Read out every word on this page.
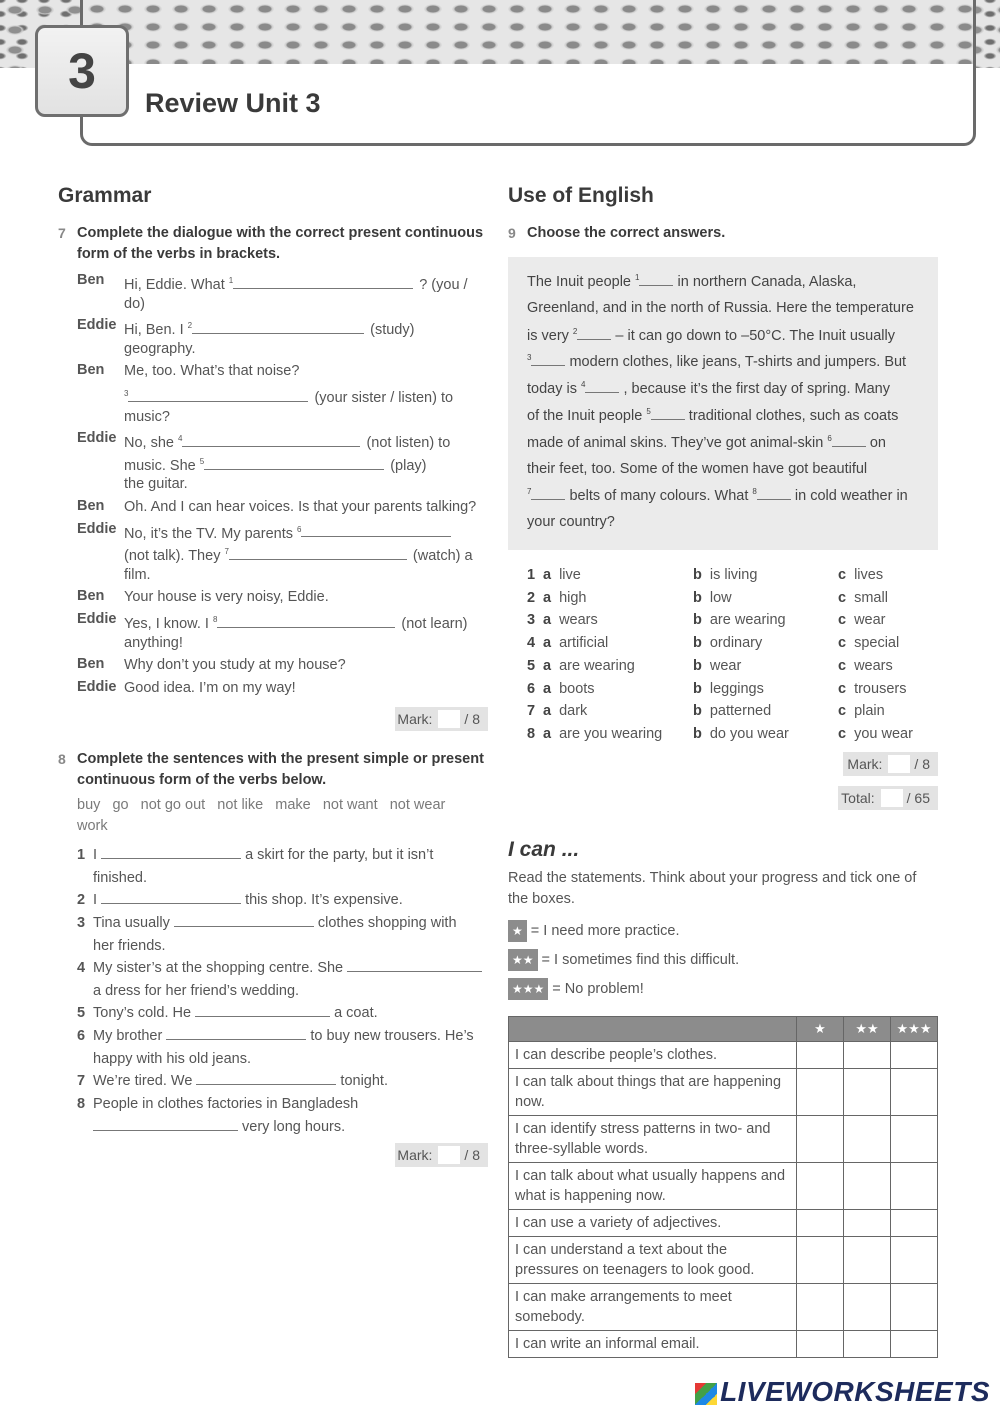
3
Review Unit 3
Grammar
7 Complete the dialogue with the correct present continuous
form of the verbs in brackets.
Ben Hi, Eddie. What $^1$	? (you /
do)
Eddie Hi, Ben. I $^2$	(study)
geography.
Ben Me, too. What’s that noise?
$^3$	(your sister / listen) to
music?
Eddie No, she $^4$	(not listen) to
music. She $^5$	(play)
the guitar.
Ben Oh. And I can hear voices. Is that your parents talking?
Eddie No, it’s the TV. My parents $^6$
(not talk). They $^7$	(watch) a
film.
Ben Your house is very noisy, Eddie.
Eddie Yes, I know. I $^8$	(not learn)
anything!
Ben Why don’t you study at my house?
Eddie Good idea. I’m on my way!
Mark: / 8
8 Complete the sentences with the present simple or present
continuous form of the verbs below.
buy   go   not go out   not like   make   not want   not wear
work
1 I	a skirt for the party, but it isn’t
finished.
2 I	this shop. It’s expensive.
3 Tina usually	clothes shopping with
her friends.
4 My sister’s at the shopping centre. She
a dress for her friend’s wedding.
5 Tony’s cold. He	a coat.
6 My brother	to buy new trousers. He’s
happy with his old jeans.
7 We’re tired. We	tonight.
8 People in clothes factories in Bangladesh
very long hours.
Mark: / 8
Use of English
9 Choose the correct answers.
The Inuit people $^1$ in northern Canada, Alaska,
Greenland, and in the north of Russia. Here the temperature
is very $^2$ – it can go down to –50°C. The Inuit usually
$^3$ modern clothes, like jeans, T-shirts and jumpers. But
today is $^4$ , because it’s the first day of spring. Many
of the Inuit people $^5$ traditional clothes, such as coats
made of animal skins. They’ve got animal-skin $^6$ on
their feet, too. Some of the women have got beautiful
$^7$ belts of many colours. What $^8$ in cold weather in
your country?
1 a live	b is living	c lives
2 a high	b low	c small
3 a wears	b are wearing	c wear
4 a artificial	b ordinary	c special
5 a are wearing	b wear	c wears
6 a boots	b leggings	c trousers
7 a dark	b patterned	c plain
8 a are you wearing b do you wear	c you wear
Mark: / 8
Total: / 65
I can ...
Read the statements. Think about your progress and tick one of
the boxes.
★ = I need more practice.
★★ = I sometimes find this difficult.
★★★ = No problem!
	★	★★	★★★
I can describe people’s clothes.			
I can talk about things that are happening now.			
I can identify stress patterns in two- and three-syllable words.			
I can talk about what usually happens and what is happening now.			
I can use a variety of adjectives.			
I can understand a text about the pressures on teenagers to look good.			
I can make arrangements to meet somebody.			
I can write an informal email.			
LIVEWORKSHEETS
